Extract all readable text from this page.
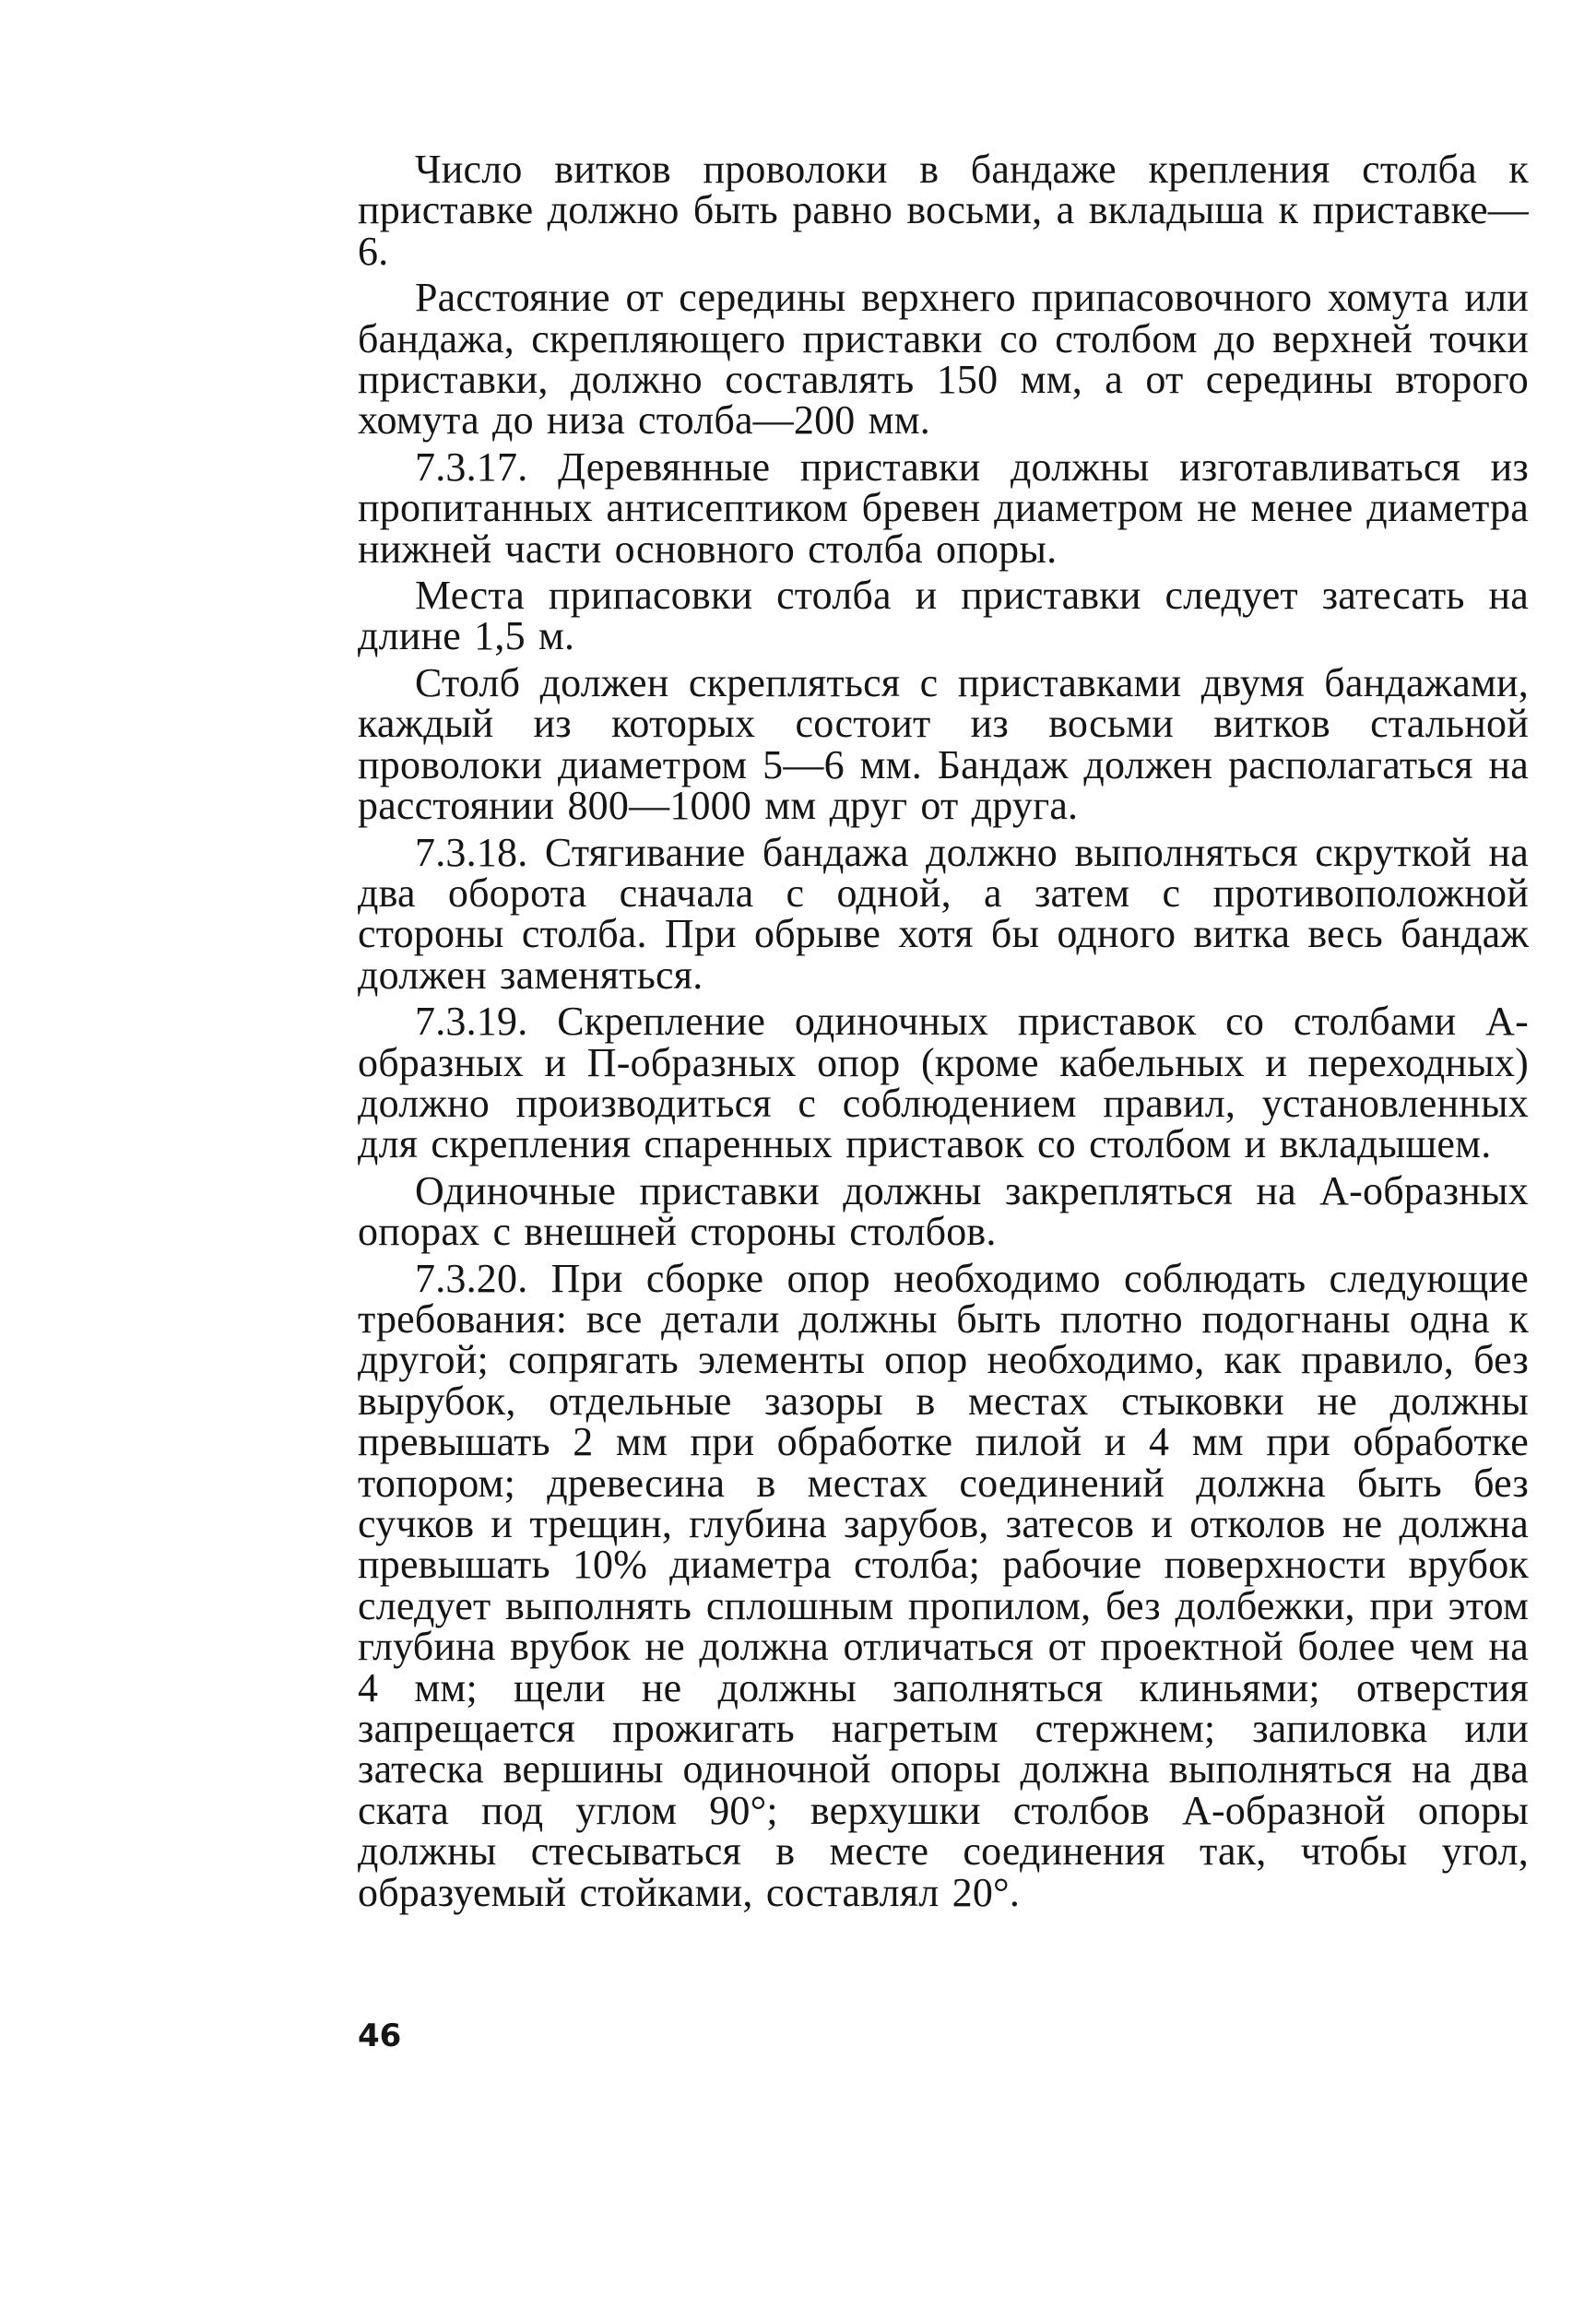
Число витков проволоки в бандаже крепления столба к приставке должно быть равно восьми, а вкладыша к приставке—6.

Расстояние от середины верхнего припасовочного хомута или бандажа, скрепляющего приставки со столбом до верхней точки приставки, должно составлять 150 мм, а от середины второго хомута до низа столба—200 мм.

7.3.17. Деревянные приставки должны изготавливаться из пропитанных антисептиком бревен диаметром не менее диаметра нижней части основного столба опоры.

Места припасовки столба и приставки следует затесать на длине 1,5 м.

Столб должен скрепляться с приставками двумя бандажами, каждый из которых состоит из восьми витков стальной проволоки диаметром 5—6 мм. Бандаж должен располагаться на расстоянии 800—1000 мм друг от друга.

7.3.18. Стягивание бандажа должно выполняться скруткой на два оборота сначала с одной, а затем с противоположной стороны столба. При обрыве хотя бы одного витка весь бандаж должен заменяться.

7.3.19. Скрепление одиночных приставок со столбами А-образных и П-образных опор (кроме кабельных и переходных) должно производиться с соблюдением правил, установленных для скрепления спаренных приставок со столбом и вкладышем.

Одиночные приставки должны закрепляться на А-образных опорах с внешней стороны столбов.

7.3.20. При сборке опор необходимо соблюдать следующие требования: все детали должны быть плотно подогнаны одна к другой; сопрягать элементы опор необходимо, как правило, без вырубок, отдельные зазоры в местах стыковки не должны превышать 2 мм при обработке пилой и 4 мм при обработке топором; древесина в местах соединений должна быть без сучков и трещин, глубина зарубов, затесов и отколов не должна превышать 10% диаметра столба; рабочие поверхности врубок следует выполнять сплошным пропилом, без долбежки, при этом глубина врубок не должна отличаться от проектной более чем на 4 мм; щели не должны заполняться клиньями; отверстия запрещается прожигать нагретым стержнем; запиловка или затеска вершины одиночной опоры должна выполняться на два ската под углом 90°; верхушки столбов А-образной опоры должны стесываться в месте соединения так, чтобы угол, образуемый стойками, составлял 20°.

46
